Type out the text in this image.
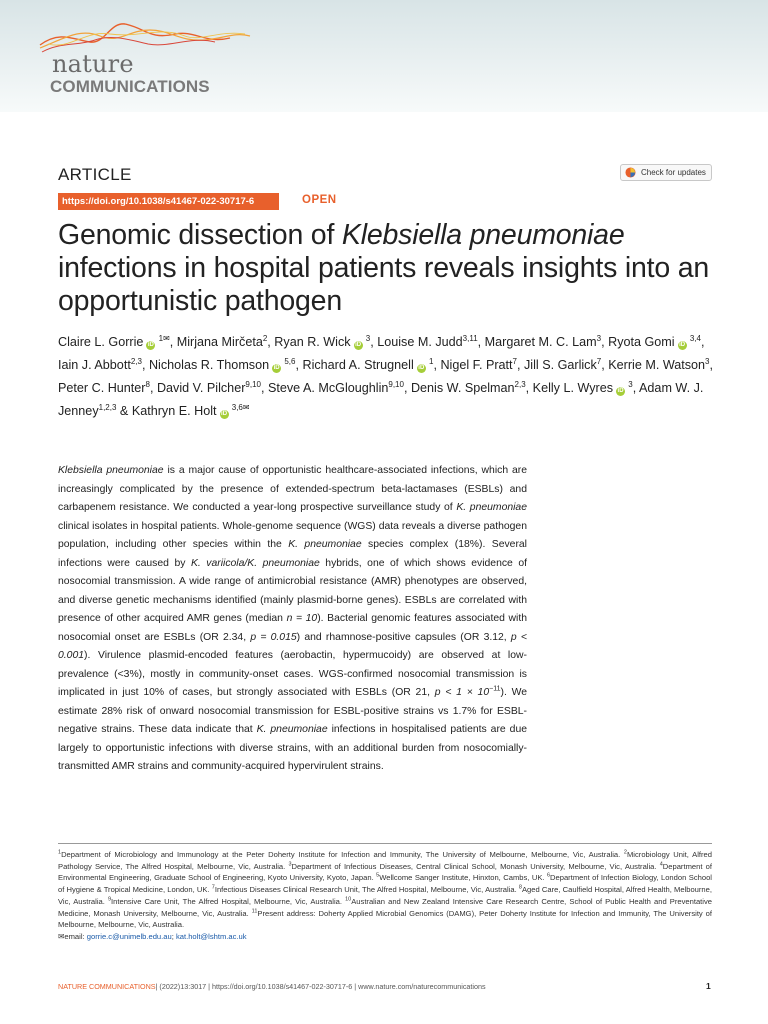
nature
COMMUNICATIONS
ARTICLE	Check for updates
https://doi.org/10.1038/s41467-022-30717-6	OPEN
Genomic dissection of Klebsiella pneumoniae infections in hospital patients reveals insights into an opportunistic pathogen
Claire L. Gorrie iD $^{1✉}$, Mirjana Mirčeta$^2$, Ryan R. Wick iD $^3$, Louise M. Judd$^{3,11}$, Margaret M. C. Lam$^3$, Ryota Gomi iD $^{3,4}$, Iain J. Abbott$^{2,3}$, Nicholas R. Thomson iD $^{5,6}$, Richard A. Strugnell iD $^1$, Nigel F. Pratt$^7$, Jill S. Garlick$^7$, Kerrie M. Watson$^3$, Peter C. Hunter$^8$, David V. Pilcher$^{9,10}$, Steve A. McGloughlin$^{9,10}$, Denis W. Spelman$^{2,3}$, Kelly L. Wyres iD $^3$, Adam W. J. Jenney$^{1,2,3}$ & Kathryn E. Holt iD $^{3,6✉}$
Klebsiella pneumoniae is a major cause of opportunistic healthcare-associated infections, which are increasingly complicated by the presence of extended-spectrum beta-lactamases (ESBLs) and carbapenem resistance. We conducted a year-long prospective surveillance study of K. pneumoniae clinical isolates in hospital patients. Whole-genome sequence (WGS) data reveals a diverse pathogen population, including other species within the K. pneumoniae species complex (18%). Several infections were caused by K. variicola/K. pneumoniae hybrids, one of which shows evidence of nosocomial transmission. A wide range of antimicrobial resistance (AMR) phenotypes are observed, and diverse genetic mechanisms identified (mainly plasmid-borne genes). ESBLs are correlated with presence of other acquired AMR genes (median n = 10). Bacterial genomic features associated with nosocomial onset are ESBLs (OR 2.34, p = 0.015) and rhamnose-positive capsules (OR 3.12, p < 0.001). Virulence plasmid-encoded features (aerobactin, hypermucoidy) are observed at low-prevalence (<3%), mostly in community-onset cases. WGS-confirmed nosocomial transmission is implicated in just 10% of cases, but strongly associated with ESBLs (OR 21, $p < 1 \times 10^{-11}$). We estimate 28% risk of onward nosocomial transmission for ESBL-positive strains vs 1.7% for ESBL-negative strains. These data indicate that K. pneumoniae infections in hospitalised patients are due largely to opportunistic infections with diverse strains, with an additional burden from nosocomially-transmitted AMR strains and community-acquired hypervirulent strains.
$^1$Department of Microbiology and Immunology at the Peter Doherty Institute for Infection and Immunity, The University of Melbourne, Melbourne, Vic, Australia. $^2$Microbiology Unit, Alfred Pathology Service, The Alfred Hospital, Melbourne, Vic, Australia. $^3$Department of Infectious Diseases, Central Clinical School, Monash University, Melbourne, Vic, Australia. $^4$Department of Environmental Engineering, Graduate School of Engineering, Kyoto University, Kyoto, Japan. $^5$Wellcome Sanger Institute, Hinxton, Cambs, UK. $^6$Department of Infection Biology, London School of Hygiene & Tropical Medicine, London, UK. $^7$Infectious Diseases Clinical Research Unit, The Alfred Hospital, Melbourne, Vic, Australia. $^8$Aged Care, Caulfield Hospital, Alfred Health, Melbourne, Vic, Australia. $^9$Intensive Care Unit, The Alfred Hospital, Melbourne, Vic, Australia. $^{10}$Australian and New Zealand Intensive Care Research Centre, School of Public Health and Preventative Medicine, Monash University, Melbourne, Vic, Australia. $^{11}$Present address: Doherty Applied Microbial Genomics (DAMG), Peter Doherty Institute for Infection and Immunity, The University of Melbourne, Melbourne, Vic, Australia.
✉email: gorrie.c@unimelb.edu.au; kat.holt@lshtm.ac.uk
NATURE COMMUNICATIONS | (2022)13:3017 | https://doi.org/10.1038/s41467-022-30717-6 | www.nature.com/naturecommunications	1
